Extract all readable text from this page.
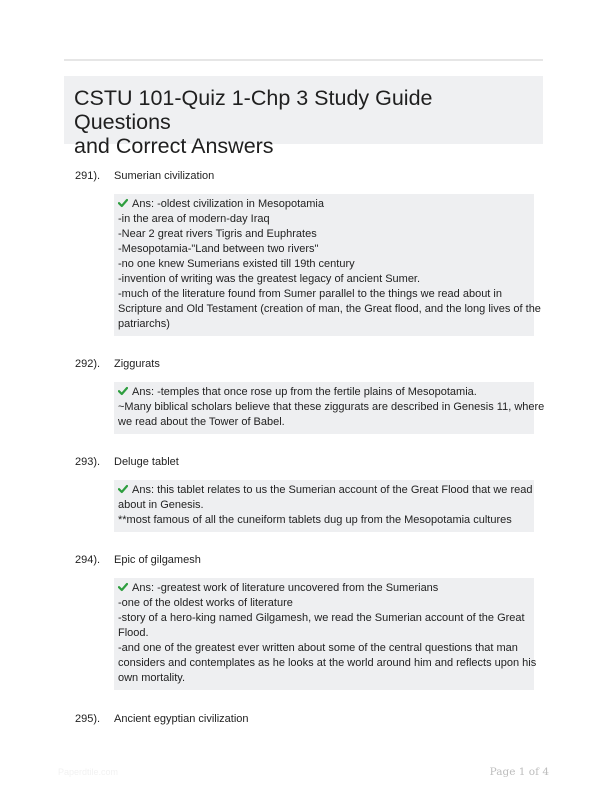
CSTU 101-Quiz 1-Chp 3 Study Guide Questions
and Correct Answers
291). Sumerian civilization
Ans: -oldest civilization in Mesopotamia
-in the area of modern-day Iraq
-Near 2 great rivers Tigris and Euphrates
-Mesopotamia-"Land between two rivers"
-no one knew Sumerians existed till 19th century
-invention of writing was the greatest legacy of ancient Sumer.
-much of the literature found from Sumer parallel to the things we read about in
Scripture and Old Testament (creation of man, the Great flood, and the long lives of the
patriarchs)
292). Ziggurats
Ans: -temples that once rose up from the fertile plains of Mesopotamia.
~Many biblical scholars believe that these ziggurats are described in Genesis 11, where
we read about the Tower of Babel.
293). Deluge tablet
Ans: this tablet relates to us the Sumerian account of the Great Flood that we read
about in Genesis.
**most famous of all the cuneiform tablets dug up from the Mesopotamia cultures
294). Epic of gilgamesh
Ans: -greatest work of literature uncovered from the Sumerians
-one of the oldest works of literature
-story of a hero-king named Gilgamesh, we read the Sumerian account of the Great
Flood.
-and one of the greatest ever written about some of the central questions that man
considers and contemplates as he looks at the world around him and reflects upon his
own mortality.
295). Ancient egyptian civilization
Paperdtile.com	Page 1 of 4
